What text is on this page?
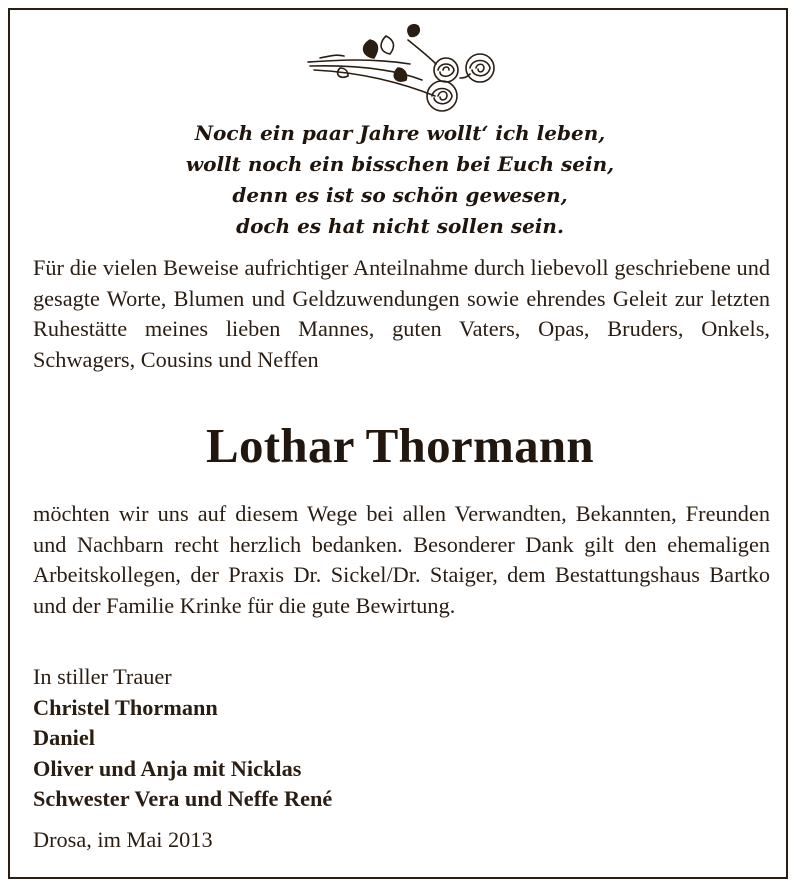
Noch ein paar Jahre wollt‘ ich leben,
wollt noch ein bisschen bei Euch sein,
denn es ist so schön gewesen,
doch es hat nicht sollen sein.
Für die vielen Beweise aufrichtiger Anteilnahme durch liebevoll geschriebene und gesagte Worte, Blumen und Geldzuwendungen sowie ehrendes Geleit zur letzten Ruhestätte meines lieben Mannes, guten Vaters, Opas, Bruders, Onkels, Schwagers, Cousins und Neffen
Lothar Thormann
möchten wir uns auf diesem Wege bei allen Verwandten, Bekannten, Freunden und Nachbarn recht herzlich bedanken. Besonderer Dank gilt den ehemaligen Arbeitskollegen, der Praxis Dr. Sickel/Dr. Staiger, dem Bestattungshaus Bartko und der Familie Krinke für die gute Bewirtung.
In stiller Trauer
Christel Thormann
Daniel
Oliver und Anja mit Nicklas
Schwester Vera und Neffe René
Drosa, im Mai 2013
